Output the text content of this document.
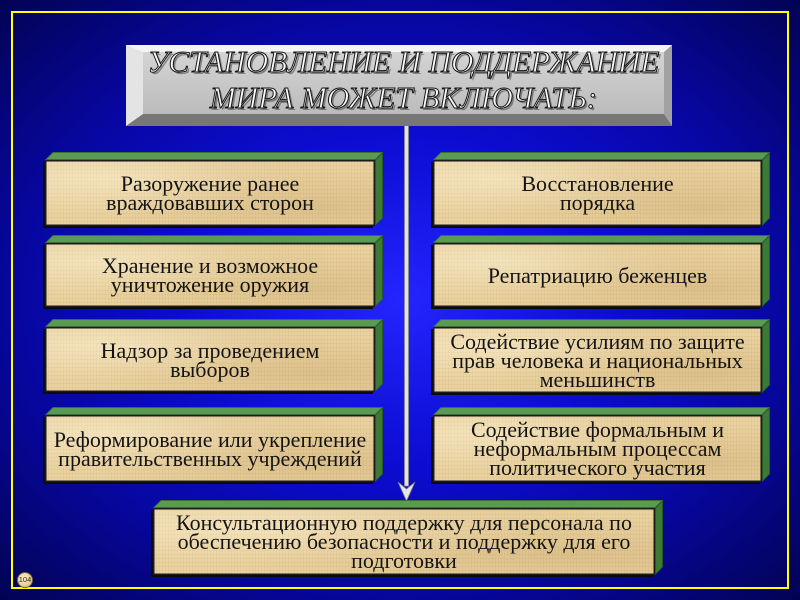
УСТАНОВЛЕНИЕ И ПОДДЕРЖАНИЕ
МИРА МОЖЕТ ВКЛЮЧАТЬ:
Разоружение ранее
враждовавших сторон
Хранение и возможное
уничтожение оружия
Надзор за проведением
выборов
Реформирование или укрепление
правительственных учреждений
Восстановление
порядка
Репатриацию беженцев
Содействие усилиям по защите
прав человека и национальных
меньшинств
Содействие формальным и
неформальным процессам
политического участия
Консультационную поддержку для персонала по
обеспечению безопасности и поддержку для его
подготовки
104
